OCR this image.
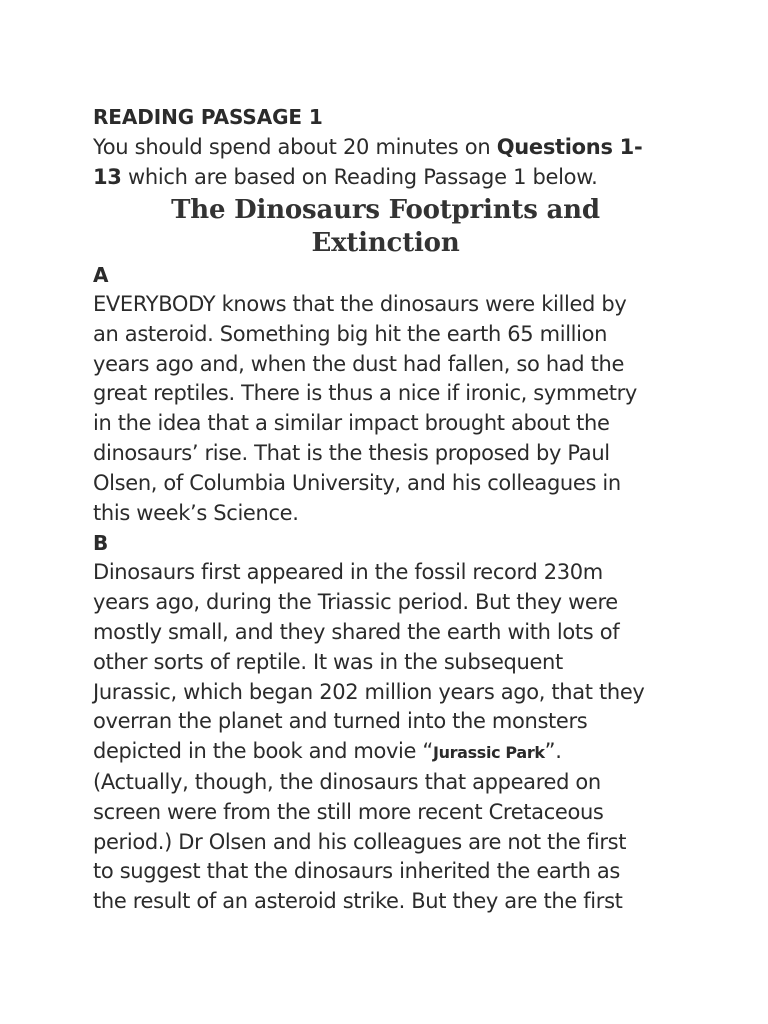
READING PASSAGE 1

You should spend about 20 minutes on Questions 1-
13 which are based on Reading Passage 1 below.

The Dinosaurs Footprints and
Extinction

A

EVERYBODY knows that the dinosaurs were killed by
an asteroid. Something big hit the earth 65 million
years ago and, when the dust had fallen, so had the
great reptiles. There is thus a nice if ironic, symmetry
in the idea that a similar impact brought about the
dinosaurs’ rise. That is the thesis proposed by Paul
Olsen, of Columbia University, and his colleagues in
this week’s Science.

B

Dinosaurs first appeared in the fossil record 230m
years ago, during the Triassic period. But they were
mostly small, and they shared the earth with lots of
other sorts of reptile. It was in the subsequent
Jurassic, which began 202 million years ago, that they
overran the planet and turned into the monsters
depicted in the book and movie “Jurassic Park”.
(Actually, though, the dinosaurs that appeared on
screen were from the still more recent Cretaceous
period.) Dr Olsen and his colleagues are not the first
to suggest that the dinosaurs inherited the earth as
the result of an asteroid strike. But they are the first
